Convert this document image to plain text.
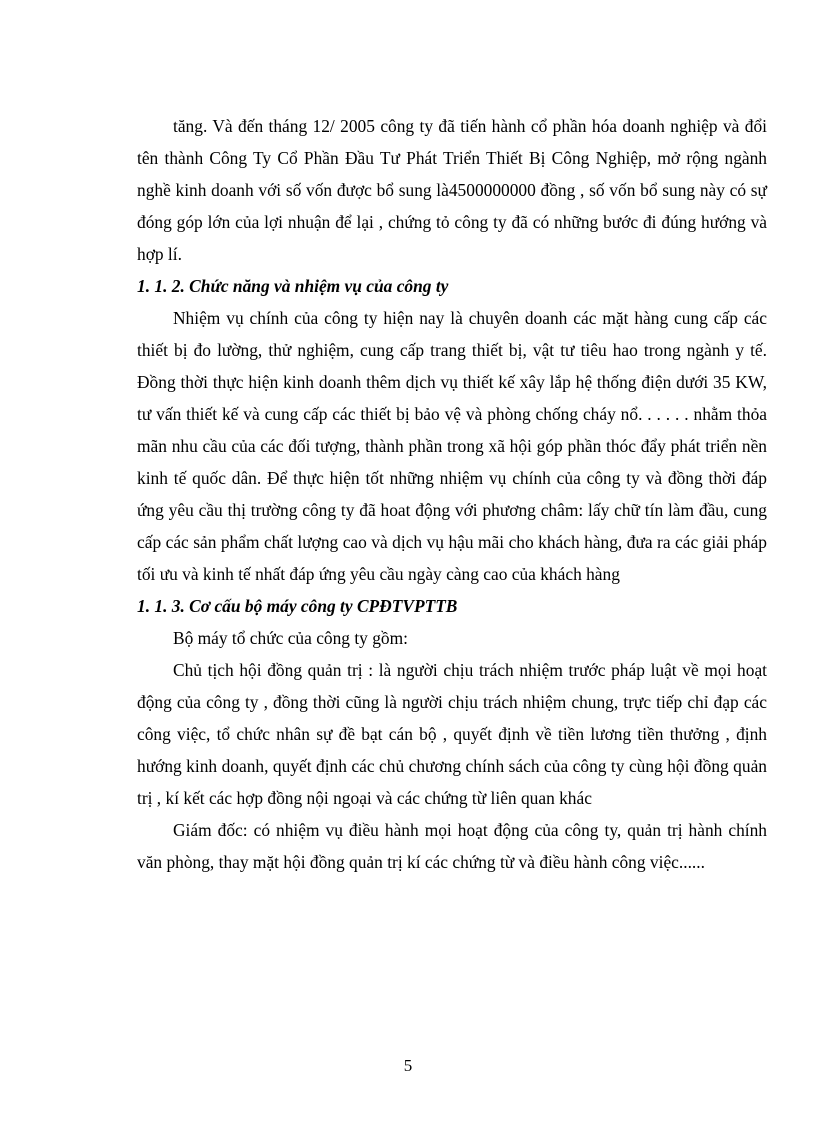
tăng. Và đến tháng 12/ 2005 công ty đã tiến hành cổ phần hóa doanh nghiệp và đổi tên thành Công Ty Cổ Phần Đầu Tư Phát Triển Thiết Bị Công Nghiệp, mở rộng ngành nghề kinh doanh với số vốn được bổ sung là4500000000 đồng , số vốn bổ sung này có sự đóng góp lớn của lợi nhuận để lại , chứng tỏ công ty đã có những bước đi đúng hướng và hợp lí.

1. 1. 2. Chức năng và nhiệm vụ của công ty

Nhiệm vụ chính của công ty hiện nay là chuyên doanh các mặt hàng cung cấp các thiết bị đo lường, thử nghiệm, cung cấp trang thiết bị, vật tư tiêu hao trong ngành y tế. Đồng thời thực hiện kinh doanh thêm dịch vụ thiết kế xây lắp hệ thống điện dưới 35 KW, tư vấn thiết kế và cung cấp các thiết bị bảo vệ và phòng chống cháy nổ. . . . . . nhằm thỏa mãn nhu cầu của các đối tượng, thành phần trong xã hội góp phần thóc đẩy phát triển nền kinh tế quốc dân. Để thực hiện tốt những nhiệm vụ chính của công ty và đồng thời đáp ứng yêu cầu thị trường công ty đã hoat động với phương châm: lấy chữ tín làm đầu, cung cấp các sản phẩm chất lượng cao và dịch vụ hậu mãi cho khách hàng, đưa ra các giải pháp tối ưu và kinh tế nhất đáp ứng yêu cầu ngày càng cao của khách hàng

1. 1. 3. Cơ cấu bộ máy công ty CPĐTVPTTB

Bộ máy tổ chức của công ty gồm:

Chủ tịch hội đồng quản trị : là người chịu trách nhiệm trước pháp luật về mọi hoạt động của công ty , đồng thời cũng là người chịu trách nhiệm chung, trực tiếp chỉ đạp các công việc, tổ chức nhân sự đề bạt cán bộ , quyết định về tiền lương tiền thưởng , định hướng kinh doanh, quyết định các chủ chương chính sách của công ty cùng hội đồng quản trị , kí kết các hợp đồng nội ngoại và các chứng từ liên quan khác

Giám đốc: có nhiệm vụ điều hành mọi hoạt động của công ty, quản trị hành chính văn phòng, thay mặt hội đồng quản trị kí các chứng từ và điều hành công việc......

5
